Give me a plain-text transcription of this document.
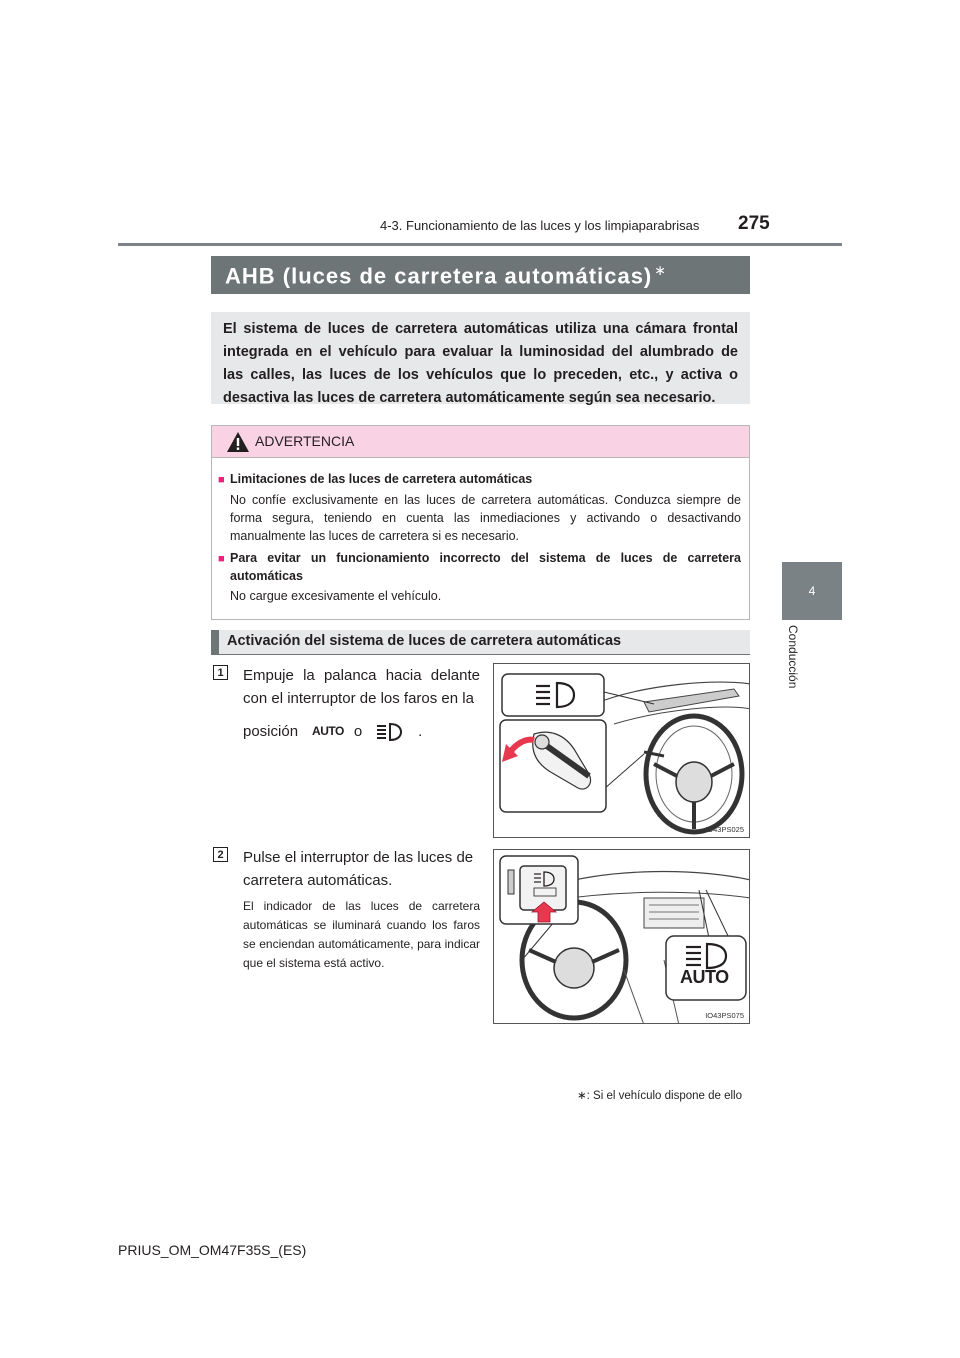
4-3. Funcionamiento de las luces y los limpiaparabrisas 275
4
Conducción
AHB (luces de carretera automáticas) ∗
El sistema de luces de carretera automáticas utiliza una cámara frontal
integrada en el vehículo para evaluar la luminosidad del alumbrado de
las calles, las luces de los vehículos que lo preceden, etc., y activa o
desactiva las luces de carretera automáticamente según sea necesario.
ADVERTENCIA
■ Limitaciones de las luces de carretera automáticas
No confíe exclusivamente en las luces de carretera automáticas. Conduzca siempre de forma segura, teniendo en cuenta las inmediaciones y activando o desactivando manualmente las luces de carretera si es necesario.
■ Para evitar un funcionamiento incorrecto del sistema de luces de carretera automáticas
No cargue excesivamente el vehículo.
Activación del sistema de luces de carretera automáticas
1 Empuje la palanca hacia delante con el interruptor de los faros en la
posición AUTO o	.
IO43PS025
2 Pulse el interruptor de las luces de carretera automáticas.
El indicador de las luces de carretera automáticas se iluminará cuando los faros se enciendan automáticamente, para indicar que el sistema está activo.
AUTO
IO43PS075
∗: Si el vehículo dispone de ello
PRIUS_OM_OM47F35S_(ES)
